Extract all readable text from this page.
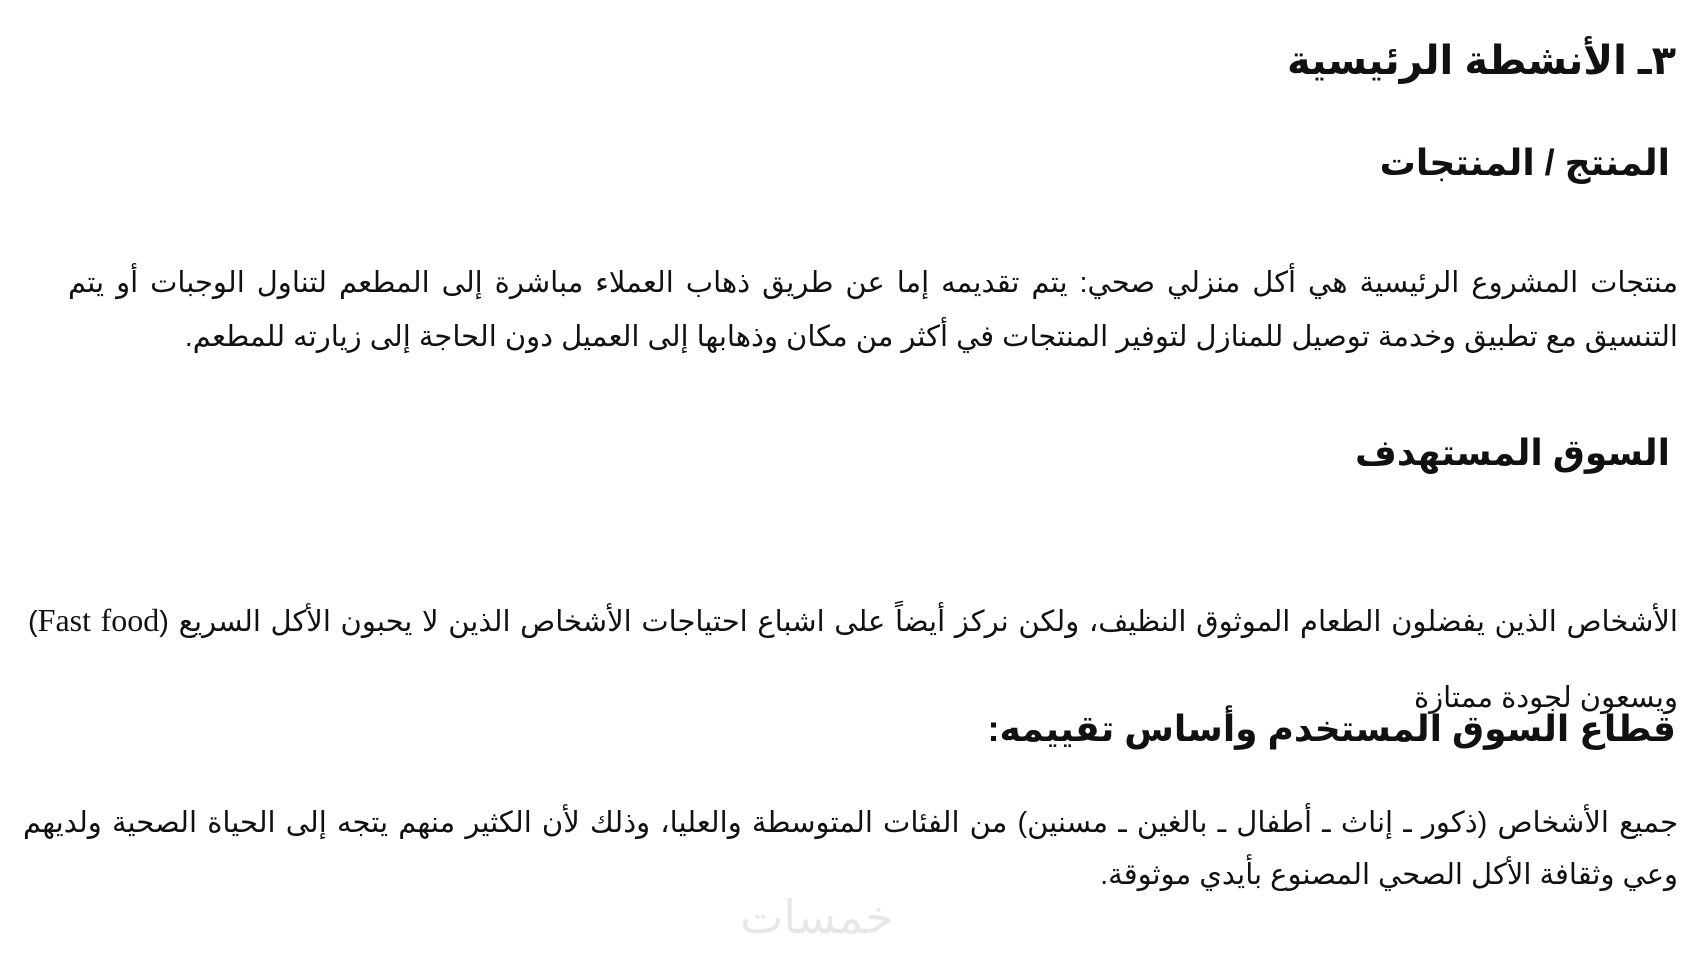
٣ـ الأنشطة الرئيسية
المنتج / المنتجات
منتجات المشروع الرئيسية هي أكل منزلي صحي: يتم تقديمه إما عن طريق ذهاب العملاء مباشرة إلى المطعم لتناول الوجبات أو يتم التنسيق مع تطبيق وخدمة توصيل للمنازل لتوفير المنتجات في أكثر من مكان وذهابها إلى العميل دون الحاجة إلى زيارته للمطعم.
السوق المستهدف
الأشخاص الذين يفضلون الطعام الموثوق النظيف، ولكن نركز أيضاً على اشباع احتياجات الأشخاص الذين لا يحبون الأكل السريع (Fast food) ويسعون لجودة ممتازة
قطاع السوق المستخدم وأساس تقييمه:
جميع الأشخاص (ذكور ـ إناث ـ أطفال ـ بالغين ـ مسنين) من الفئات المتوسطة والعليا، وذلك لأن الكثير منهم يتجه إلى الحياة الصحية ولديهم وعي وثقافة الأكل الصحي المصنوع بأيدي موثوقة.
خمسات
